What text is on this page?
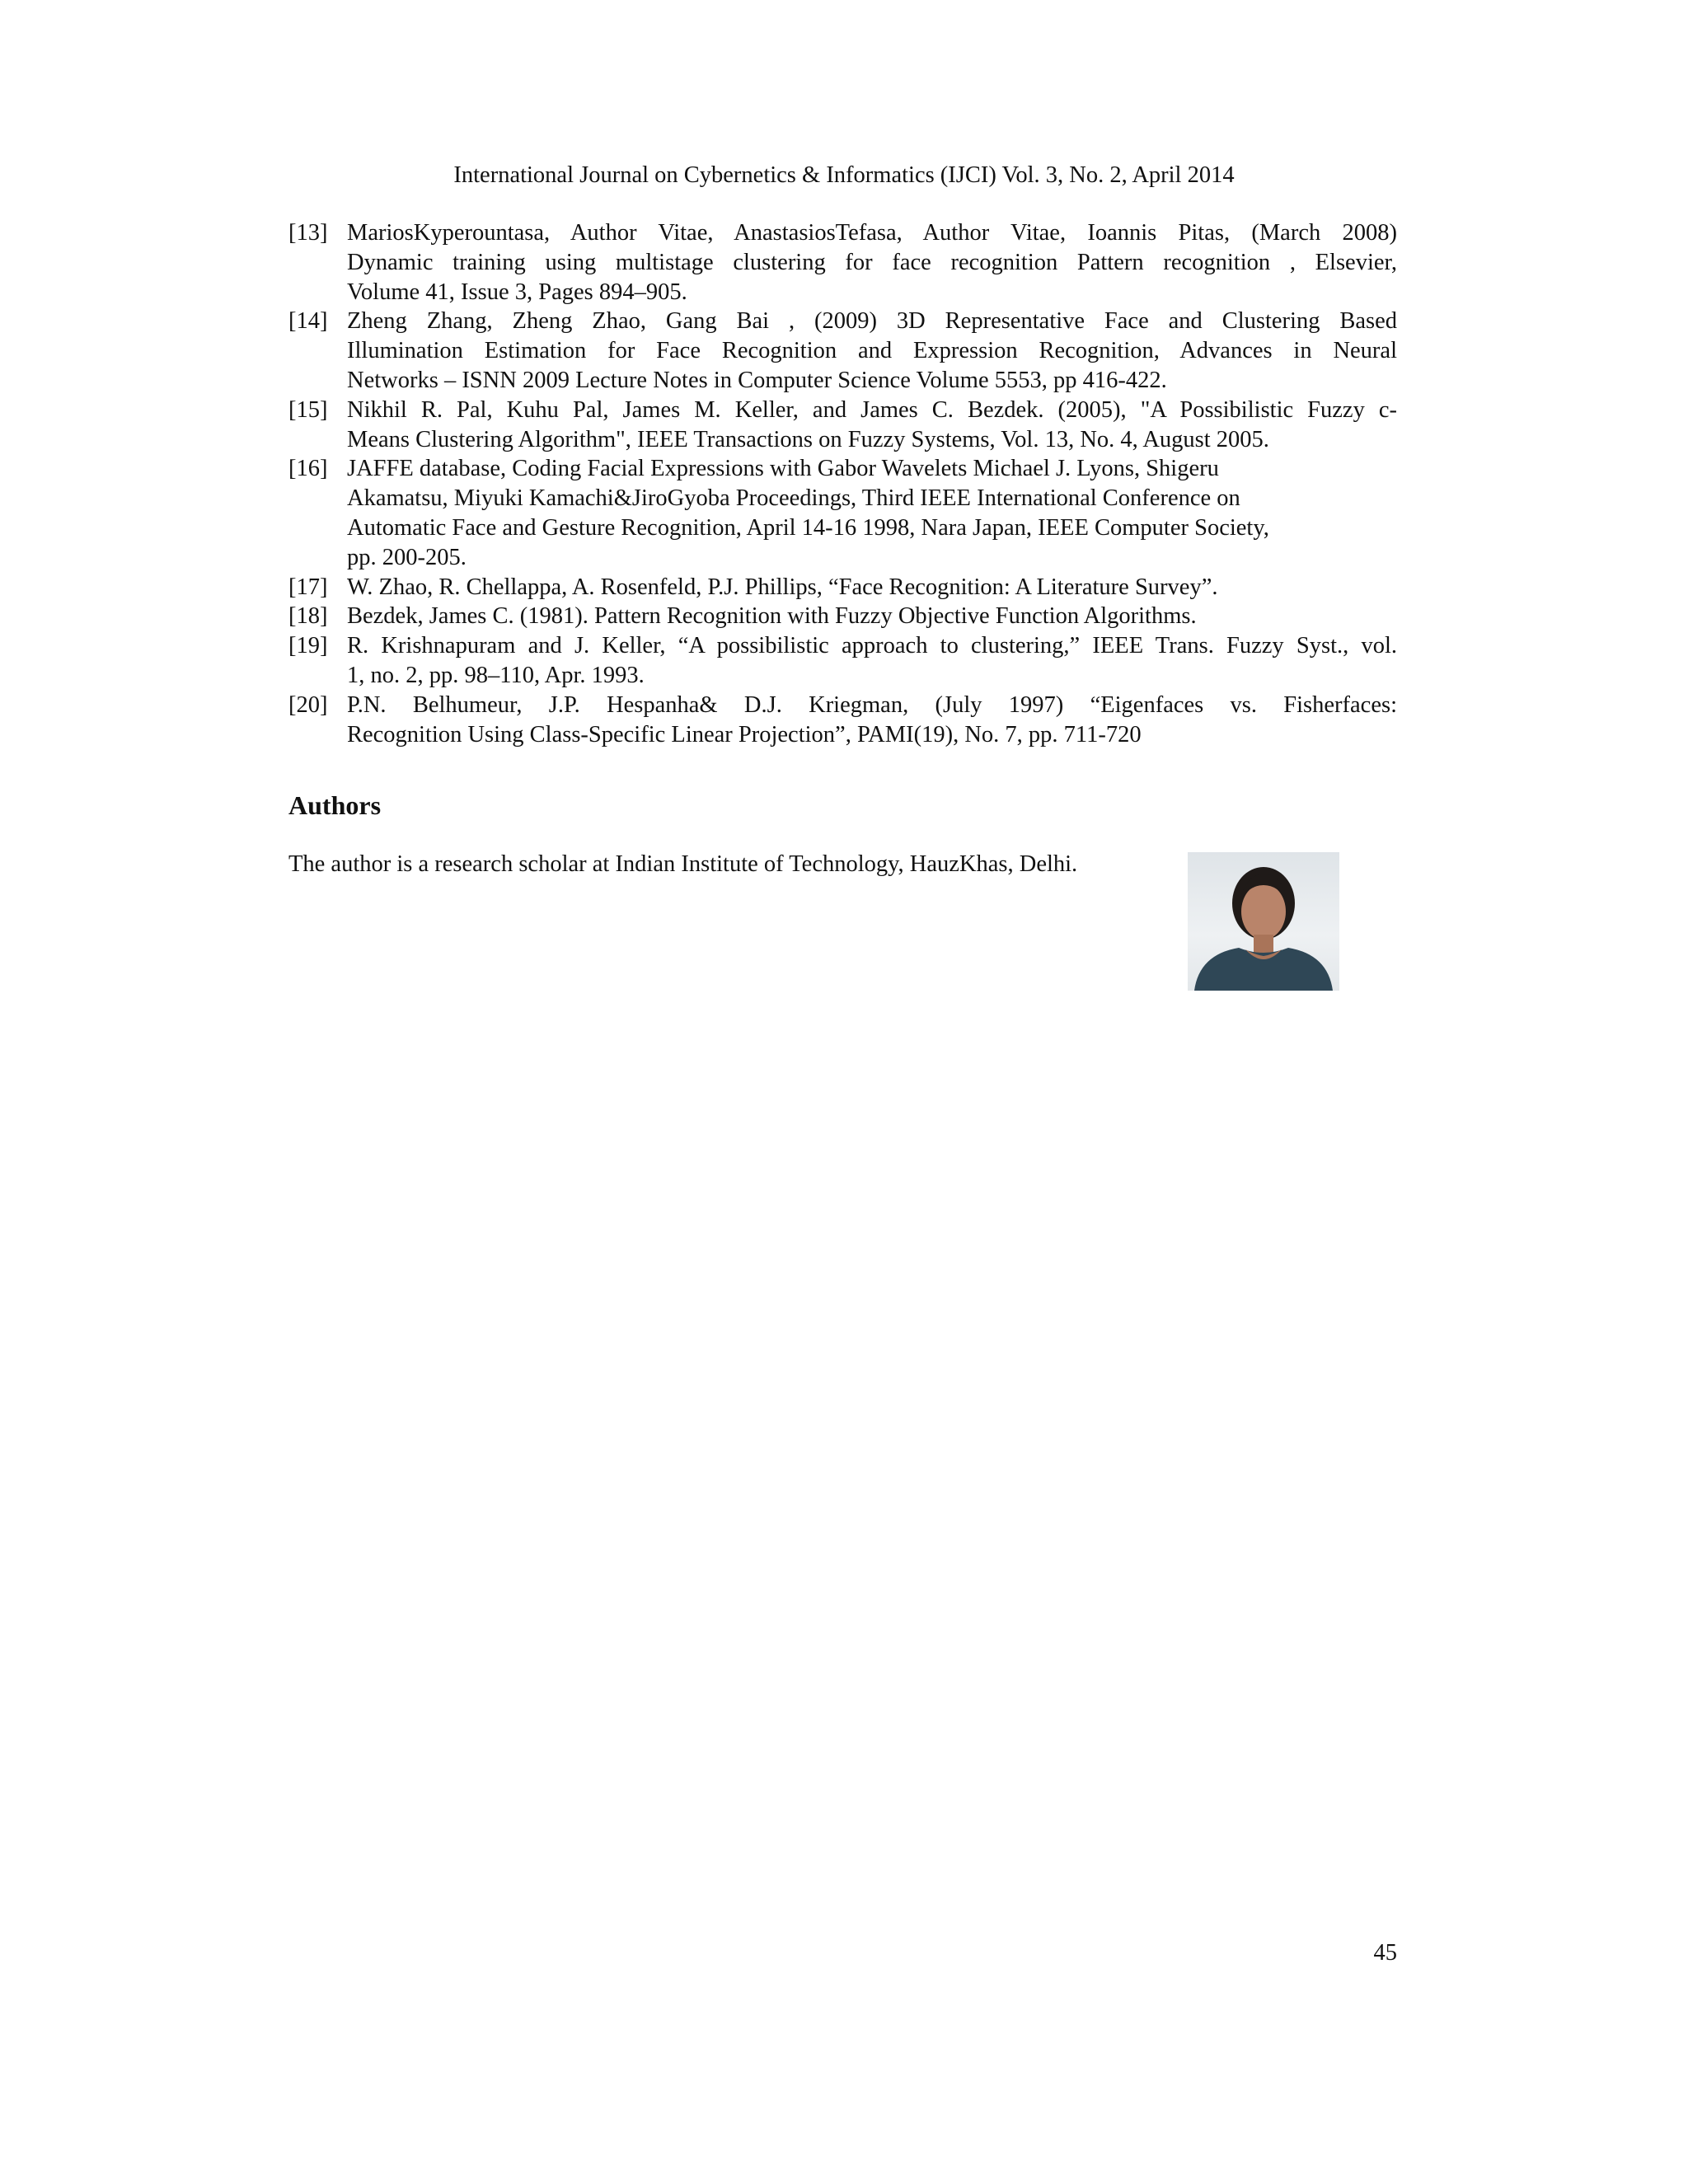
International Journal on Cybernetics & Informatics (IJCI) Vol. 3, No. 2, April 2014
[13] MariosKyperountasa, Author Vitae, AnastasiosTefasa, Author Vitae, Ioannis Pitas, (March 2008)
Dynamic training using multistage clustering for face recognition Pattern recognition , Elsevier,
Volume 41, Issue 3, Pages 894–905.
[14] Zheng Zhang, Zheng Zhao, Gang Bai , (2009) 3D Representative Face and Clustering Based
Illumination Estimation for Face Recognition and Expression Recognition, Advances in Neural
Networks – ISNN 2009 Lecture Notes in Computer Science Volume 5553, pp 416-422.
[15] Nikhil R. Pal, Kuhu Pal, James M. Keller, and James C. Bezdek. (2005), "A Possibilistic Fuzzy c-
Means Clustering Algorithm", IEEE Transactions on Fuzzy Systems, Vol. 13, No. 4, August 2005.
[16] JAFFE database, Coding Facial Expressions with Gabor Wavelets Michael J. Lyons, Shigeru
Akamatsu, Miyuki Kamachi&JiroGyoba Proceedings, Third IEEE International Conference on
Automatic Face and Gesture Recognition, April 14-16 1998, Nara Japan, IEEE Computer Society,
pp. 200-205.
[17] W. Zhao, R. Chellappa, A. Rosenfeld, P.J. Phillips, “Face Recognition: A Literature Survey”.
[18] Bezdek, James C. (1981). Pattern Recognition with Fuzzy Objective Function Algorithms.
[19] R. Krishnapuram and J. Keller, “A possibilistic approach to clustering,” IEEE Trans. Fuzzy Syst., vol.
1, no. 2, pp. 98–110, Apr. 1993.
[20] P.N. Belhumeur, J.P. Hespanha& D.J. Kriegman, (July 1997) “Eigenfaces vs. Fisherfaces:
Recognition Using Class-Specific Linear Projection”, PAMI(19), No. 7, pp. 711-720
Authors

The author is a research scholar at Indian Institute of Technology, HauzKhas, Delhi.

45
